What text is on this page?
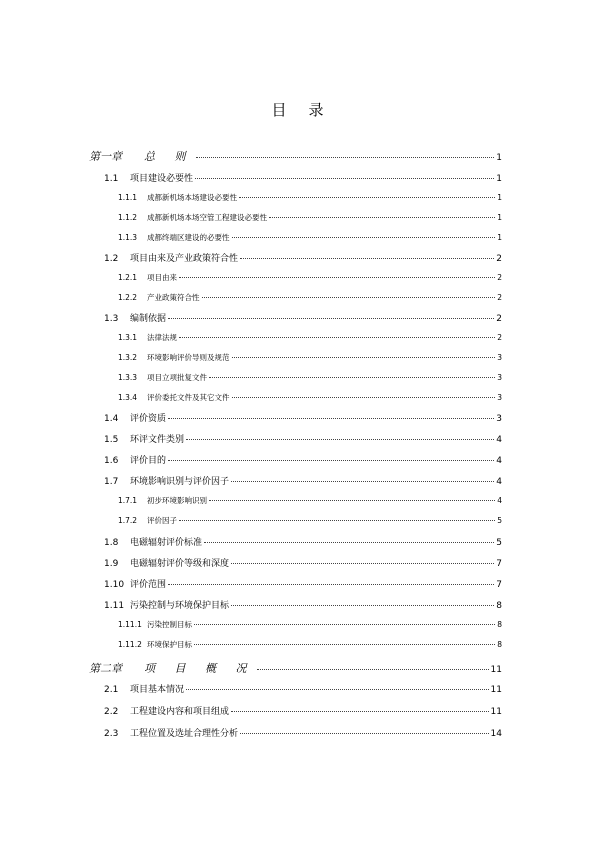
目 录
第一章	总 则	1
1.1	项目建设必要性	1
1.1.1	成都新机场本场建设必要性	1
1.1.2	成都新机场本场空管工程建设必要性	1
1.1.3	成都终端区建设的必要性	1
1.2	项目由来及产业政策符合性	2
1.2.1	项目由来	2
1.2.2	产业政策符合性	2
1.3	编制依据	2
1.3.1	法律法规	2
1.3.2	环境影响评价导则及规范	3
1.3.3	项目立项批复文件	3
1.3.4	评价委托文件及其它文件	3
1.4	评价资质	3
1.5	环评文件类别	4
1.6	评价目的	4
1.7	环境影响识别与评价因子	4
1.7.1	初步环境影响识别	4
1.7.2	评价因子	5
1.8	电磁辐射评价标准	5
1.9	电磁辐射评价等级和深度	7
1.10 评价范围	7
1.11 污染控制与环境保护目标	8
1.11.1 污染控制目标	8
1.11.2 环境保护目标	8
第二章	项 目 概 况	11
2.1	项目基本情况	11
2.2	工程建设内容和项目组成	11
2.3	工程位置及选址合理性分析	14
